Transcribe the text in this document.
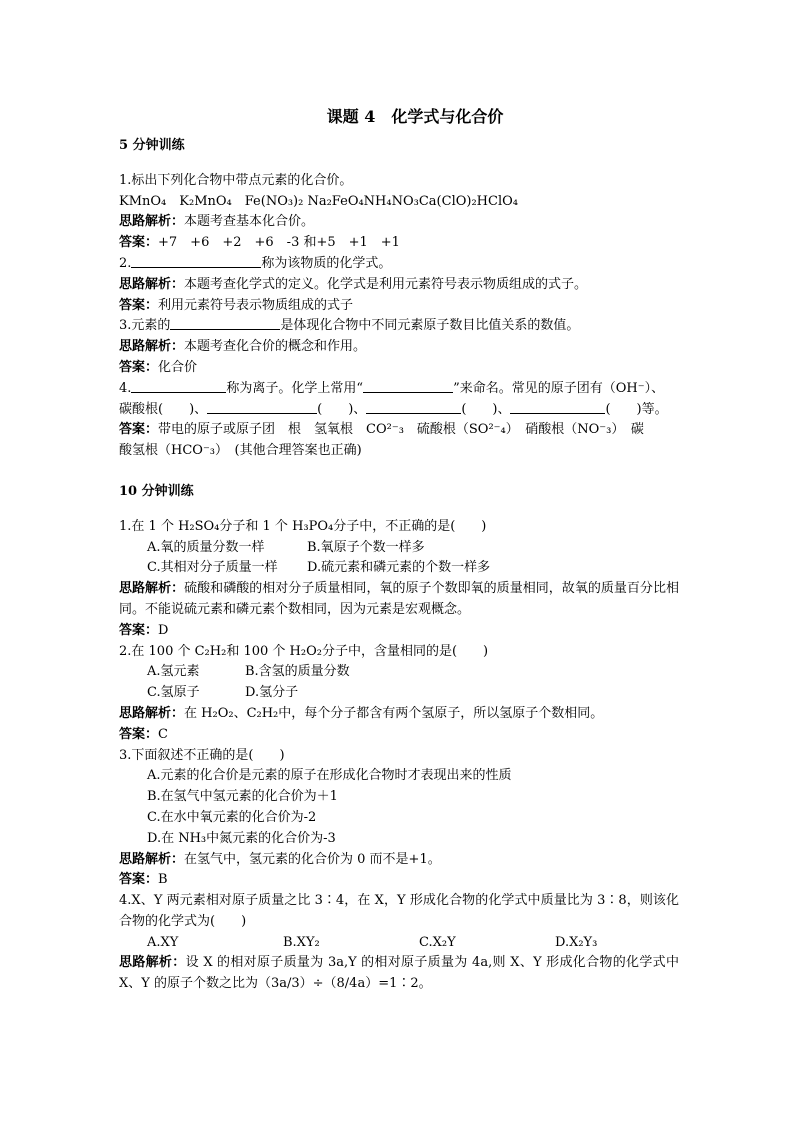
课题 4　化学式与化合价
5 分钟训练
1.标出下列化合物中带点元素的化合价。
KMnO₄　K₂MnO₄　Fe(NO₃)₂ Na₂FeO₄NH₄NO₃Ca(ClO)₂HClO₄
思路解析：本题考查基本化合价。
答案：+7　+6　+2　+6　-3 和+5　+1　+1
2.	称为该物质的化学式。
思路解析：本题考查化学式的定义。化学式是利用元素符号表示物质组成的式子。
答案：利用元素符号表示物质组成的式子
3.元素的	是体现化合物中不同元素原子数目比值关系的数值。
思路解析：本题考查化合价的概念和作用。
答案：化合价
4.	称为离子。化学上常用“	”来命名。常见的原子团有（OH⁻）、
碳酸根(　　)、	(　　)、	(　　)、	(　　)等。
答案：带电的原子或原子团　根　氢氧根　CO²⁻₃　硫酸根（SO²⁻₄）　硝酸根（NO⁻₃）　碳
酸氢根（HCO⁻₃）　(其他合理答案也正确)
10 分钟训练
1.在 1 个 H₂SO₄分子和 1 个 H₃PO₄分子中，不正确的是(　　)
A.氧的质量分数一样	B.氧原子个数一样多
C.其相对分子质量一样 D.硫元素和磷元素的个数一样多
思路解析：硫酸和磷酸的相对分子质量相同，氧的原子个数即氧的质量相同，故氧的质量百分比相同。不能说硫元素和磷元素个数相同，因为元素是宏观概念。
答案：D
2.在 100 个 C₂H₂和 100 个 H₂O₂分子中，含量相同的是(　　)
A.氢元素	B.含氢的质量分数
C.氢原子	D.氢分子
思路解析：在 H₂O₂、C₂H₂中，每个分子都含有两个氢原子，所以氢原子个数相同。
答案：C
3.下面叙述不正确的是(　　)
A.元素的化合价是元素的原子在形成化合物时才表现出来的性质
B.在氢气中氢元素的化合价为＋1
C.在水中氧元素的化合价为-2
D.在 NH₃中氮元素的化合价为-3
思路解析：在氢气中，氢元素的化合价为 0 而不是+1。
答案：B
4.X、Y 两元素相对原子质量之比 3∶4，在 X，Y 形成化合物的化学式中质量比为 3∶8，则该化合物的化学式为(　　)
A.XY	B.XY₂	C.X₂Y	D.X₂Y₃
思路解析：设 X 的相对原子质量为 3a,Y 的相对原子质量为 4a,则 X、Y 形成化合物的化学式中 X、Y 的原子个数之比为（3a/3）÷（8/4a）=1∶2。
